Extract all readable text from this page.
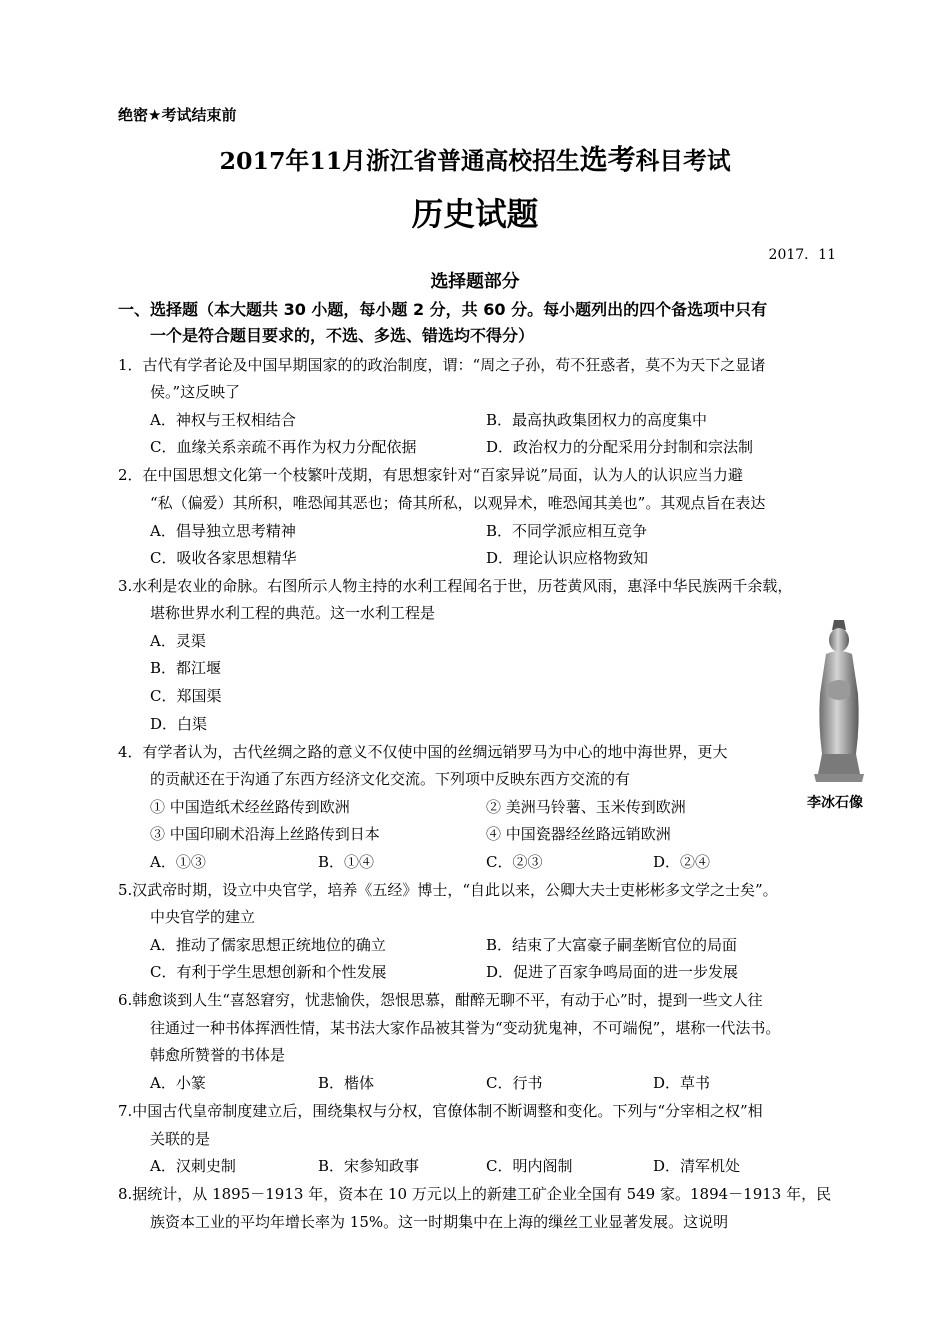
绝密★考试结束前
2017年11月浙江省普通高校招生选考科目考试
历史试题
2017．11
选择题部分
一、选择题（本大题共 30 小题，每小题 2 分，共 60 分。每小题列出的四个备选项中只有
一个是符合题目要求的，不选、多选、错选均不得分）
1．古代有学者论及中国早期国家的的政治制度，谓：“周之子孙，苟不狂惑者，莫不为天下之显诸
侯。”这反映了
A．神权与王权相结合	B．最高执政集团权力的高度集中
C．血缘关系亲疏不再作为权力分配依据	D．政治权力的分配采用分封制和宗法制
2．在中国思想文化第一个枝繁叶茂期，有思想家针对“百家异说”局面，认为人的认识应当力避
“私（偏爱）其所积，唯恐闻其恶也；倚其所私，以观异术，唯恐闻其美也”。其观点旨在表达
A．倡导独立思考精神	B．不同学派应相互竞争
C．吸收各家思想精华	D．理论认识应格物致知
3.水利是农业的命脉。右图所示人物主持的水利工程闻名于世，历苍黄风雨，惠泽中华民族两千余载，
堪称世界水利工程的典范。这一水利工程是
A．灵渠
B．都江堰
C．郑国渠
D．白渠
李冰石像
4．有学者认为，古代丝绸之路的意义不仅使中国的丝绸远销罗马为中心的地中海世界，更大
的贡献还在于沟通了东西方经济文化交流。下列项中反映东西方交流的有
① 中国造纸术经丝路传到欧洲	② 美洲马铃薯、玉米传到欧洲
③ 中国印刷术沿海上丝路传到日本	④ 中国瓷器经丝路远销欧洲
A．①③	B．①④	C．②③	D．②④
5.汉武帝时期，设立中央官学，培养《五经》博士，“自此以来，公卿大夫士吏彬彬多文学之士矣”。
中央官学的建立
A．推动了儒家思想正统地位的确立	B．结束了大富豪子嗣垄断官位的局面
C．有利于学生思想创新和个性发展	D．促进了百家争鸣局面的进一步发展
6.韩愈谈到人生“喜怒窘穷，忧悲愉佚，怨恨思慕，酣醉无聊不平，有动于心”时，提到一些文人往
往通过一种书体挥洒性情，某书法大家作品被其誉为“变动犹鬼神，不可端倪”，堪称一代法书。
韩愈所赞誉的书体是
A．小篆	B．楷体	C．行书	D．草书
7.中国古代皇帝制度建立后，围绕集权与分权，官僚体制不断调整和变化。下列与“分宰相之权”相
关联的是
A．汉刺史制	B．宋参知政事	C．明内阁制	D．清军机处
8.据统计，从 1895－1913 年，资本在 10 万元以上的新建工矿企业全国有 549 家。1894－1913 年，民
族资本工业的平均年增长率为 15%。这一时期集中在上海的缫丝工业显著发展。这说明
